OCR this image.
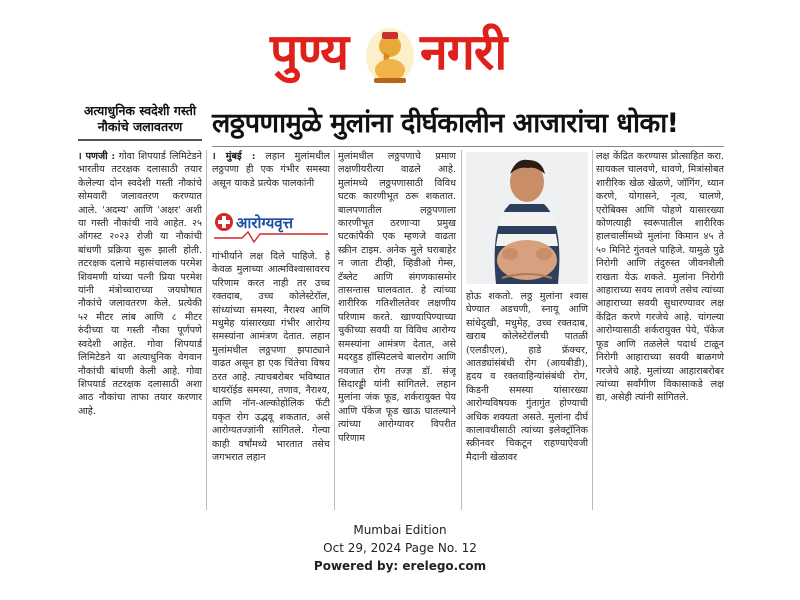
पुण्य नगरी
अत्याधुनिक स्वदेशी गस्ती नौकांचे जलावतरण	लठ्ठपणामुळे मुलांना दीर्घकालीन आजारांचा धोका!

। पणजी : गोवा शिपयार्ड लिमिटेडने भारतीय तटरक्षक दलासाठी तयार केलेल्या दोन स्वदेशी गस्ती नौकांचे सोमवारी जलावतरण करण्यात आले. 'अदम्य' आणि 'अक्षर' अशी या गस्ती नौकांची नावे आहेत. २५ ऑगस्ट २०२३ रोजी या नौकांची बांधणी प्रक्रिया सुरू झाली होती. तटरक्षक दलाचे महासंचालक परमेश शिवमणी यांच्या पत्नी प्रिया परमेश यांनी मंत्रोच्चाराच्या जयघोषात नौकांचे जलावतरण केले. प्रत्येकी ५२ मीटर लांब आणि ८ मीटर रुंदीच्या या गस्ती नौका पूर्णपणे स्वदेशी आहेत. गोवा शिपयार्ड लिमिटेडने या अत्याधुनिक वेगवान नौकांची बांधणी केली आहे. गोवा शिपयार्ड तटरक्षक दलासाठी अशा आठ नौकांचा ताफा तयार करणार आहे.

। मुंबई : लहान मुलांमधील लठ्ठपणा ही एक गंभीर समस्या असून याकडे प्रत्येक पालकांनी

आरोग्यवृत्त

गांभीर्याने लक्ष दिले पाहिजे. हे केवळ मुलाच्या आत्मविश्वासावरच परिणाम करत नाही तर उच्च रक्तदाब, उच्च कोलेस्टेरॉल, सांध्यांच्या समस्या, नैराश्य आणि मधुमेह यांसारख्या गंभीर आरोग्य समस्यांना आमंत्रण देतात. लहान मुलांमधील लठ्ठपणा झपाट्याने वाढत असून हा एक चिंतेचा विषय ठरत आहे. त्याचबरोबर भविष्यात थायरॉईड समस्या, तणाव, नैराश्य, आणि नॉन-अल्कोहोलिक फॅटी यकृत रोग उद्भवू शकतात, असे आरोग्यतज्ज्ञांनी सांगितले. गेल्या काही वर्षांमध्ये भारतात तसेच जगभरात लहान

मुलांमधील लठ्ठपणाचे प्रमाण लक्षणीयरीत्या वाढले आहे. मुलांमध्ये लठ्ठपणासाठी विविध घटक कारणीभूत ठरू शकतात. बालपणातील लठ्ठपणाला कारणीभूत ठरणाऱ्या प्रमुख घटकांपैकी एक म्हणजे वाढता स्क्रीन टाइम. अनेक मुले घराबाहेर न जाता टीव्ही, व्हिडीओ गेम्स, टॅब्लेट आणि संगणकासमोर तासन्तास घालवतात. हे त्यांच्या शारीरिक गतिशीलतेवर लक्षणीय परिणाम करते. खाण्यापिण्याच्या चुकीच्या सवयी या विविध आरोग्य समस्यांना आमंत्रण देतात, असे मदरहुड हॉस्पिटलचे बालरोग आणि नवजात रोग तज्ज्ञ डॉ. संजू सिदारड्डी यांनी सांगितले. लहान मुलांना जंक फूड, शर्करायुक्त पेय आणि पॅकेज फूड खाऊ घातल्याने त्यांच्या आरोग्यावर विपरीत परिणाम

होऊ शकतो. लठ्ठ मुलांना श्वास घेण्यात अडचणी, स्नायू आणि सांधेदुखी, मधुमेह, उच्च रक्तदाब, खराब कोलेस्टेरॉलची पातळी (एलडीएल), हाडे फ्रॅक्चर, आतड्यांसंबंधी रोग (आयबीडी), हृदय व रक्तवाहिन्यांसंबंधी रोग, किडनी समस्या यांसारख्या आरोग्यविषयक गुंतागुंत होण्याची अधिक शक्यता असते. मुलांना दीर्घ कालावधीसाठी त्यांच्या इलेक्ट्रॉनिक स्क्रीनवर चिकटून राहण्याऐवजी मैदानी खेळावर

लक्ष केंद्रित करण्यास प्रोत्साहित करा. सायकल चालवणे, धावणे, मित्रांसोबत शारीरिक खेळ खेळणे, जॉगिंग, ध्यान करणे, योगासने, नृत्य, चालणे, एरोबिक्स आणि पोहणे यासारख्या कोणत्याही स्वरूपातील शारीरिक हालचालींमध्ये मुलांना किमान ४५ ते ५० मिनिटे गुंतवले पाहिजे. यामुळे पुढे निरोगी आणि तंदुरुस्त जीवनशैली राखता येऊ शकते. मुलांना निरोगी आहाराच्या सवय लावणे तसेच त्यांच्या आहाराच्या सवयी सुधारण्यावर लक्ष केंद्रित करणे गरजेचे आहे. चांगल्या आरोग्यासाठी शर्करायुक्त पेये, पॅकेज फूड आणि तळलेले पदार्थ टाळून निरोगी आहाराच्या सवयी बाळगणे गरजेचे आहे. मुलांच्या आहाराबरोबर त्यांच्या सर्वांगीण विकासाकडे लक्ष द्या, असेही त्यांनी सांगितले.

Mumbai Edition
Oct 29, 2024 Page No. 12
Powered by: erelego.com
